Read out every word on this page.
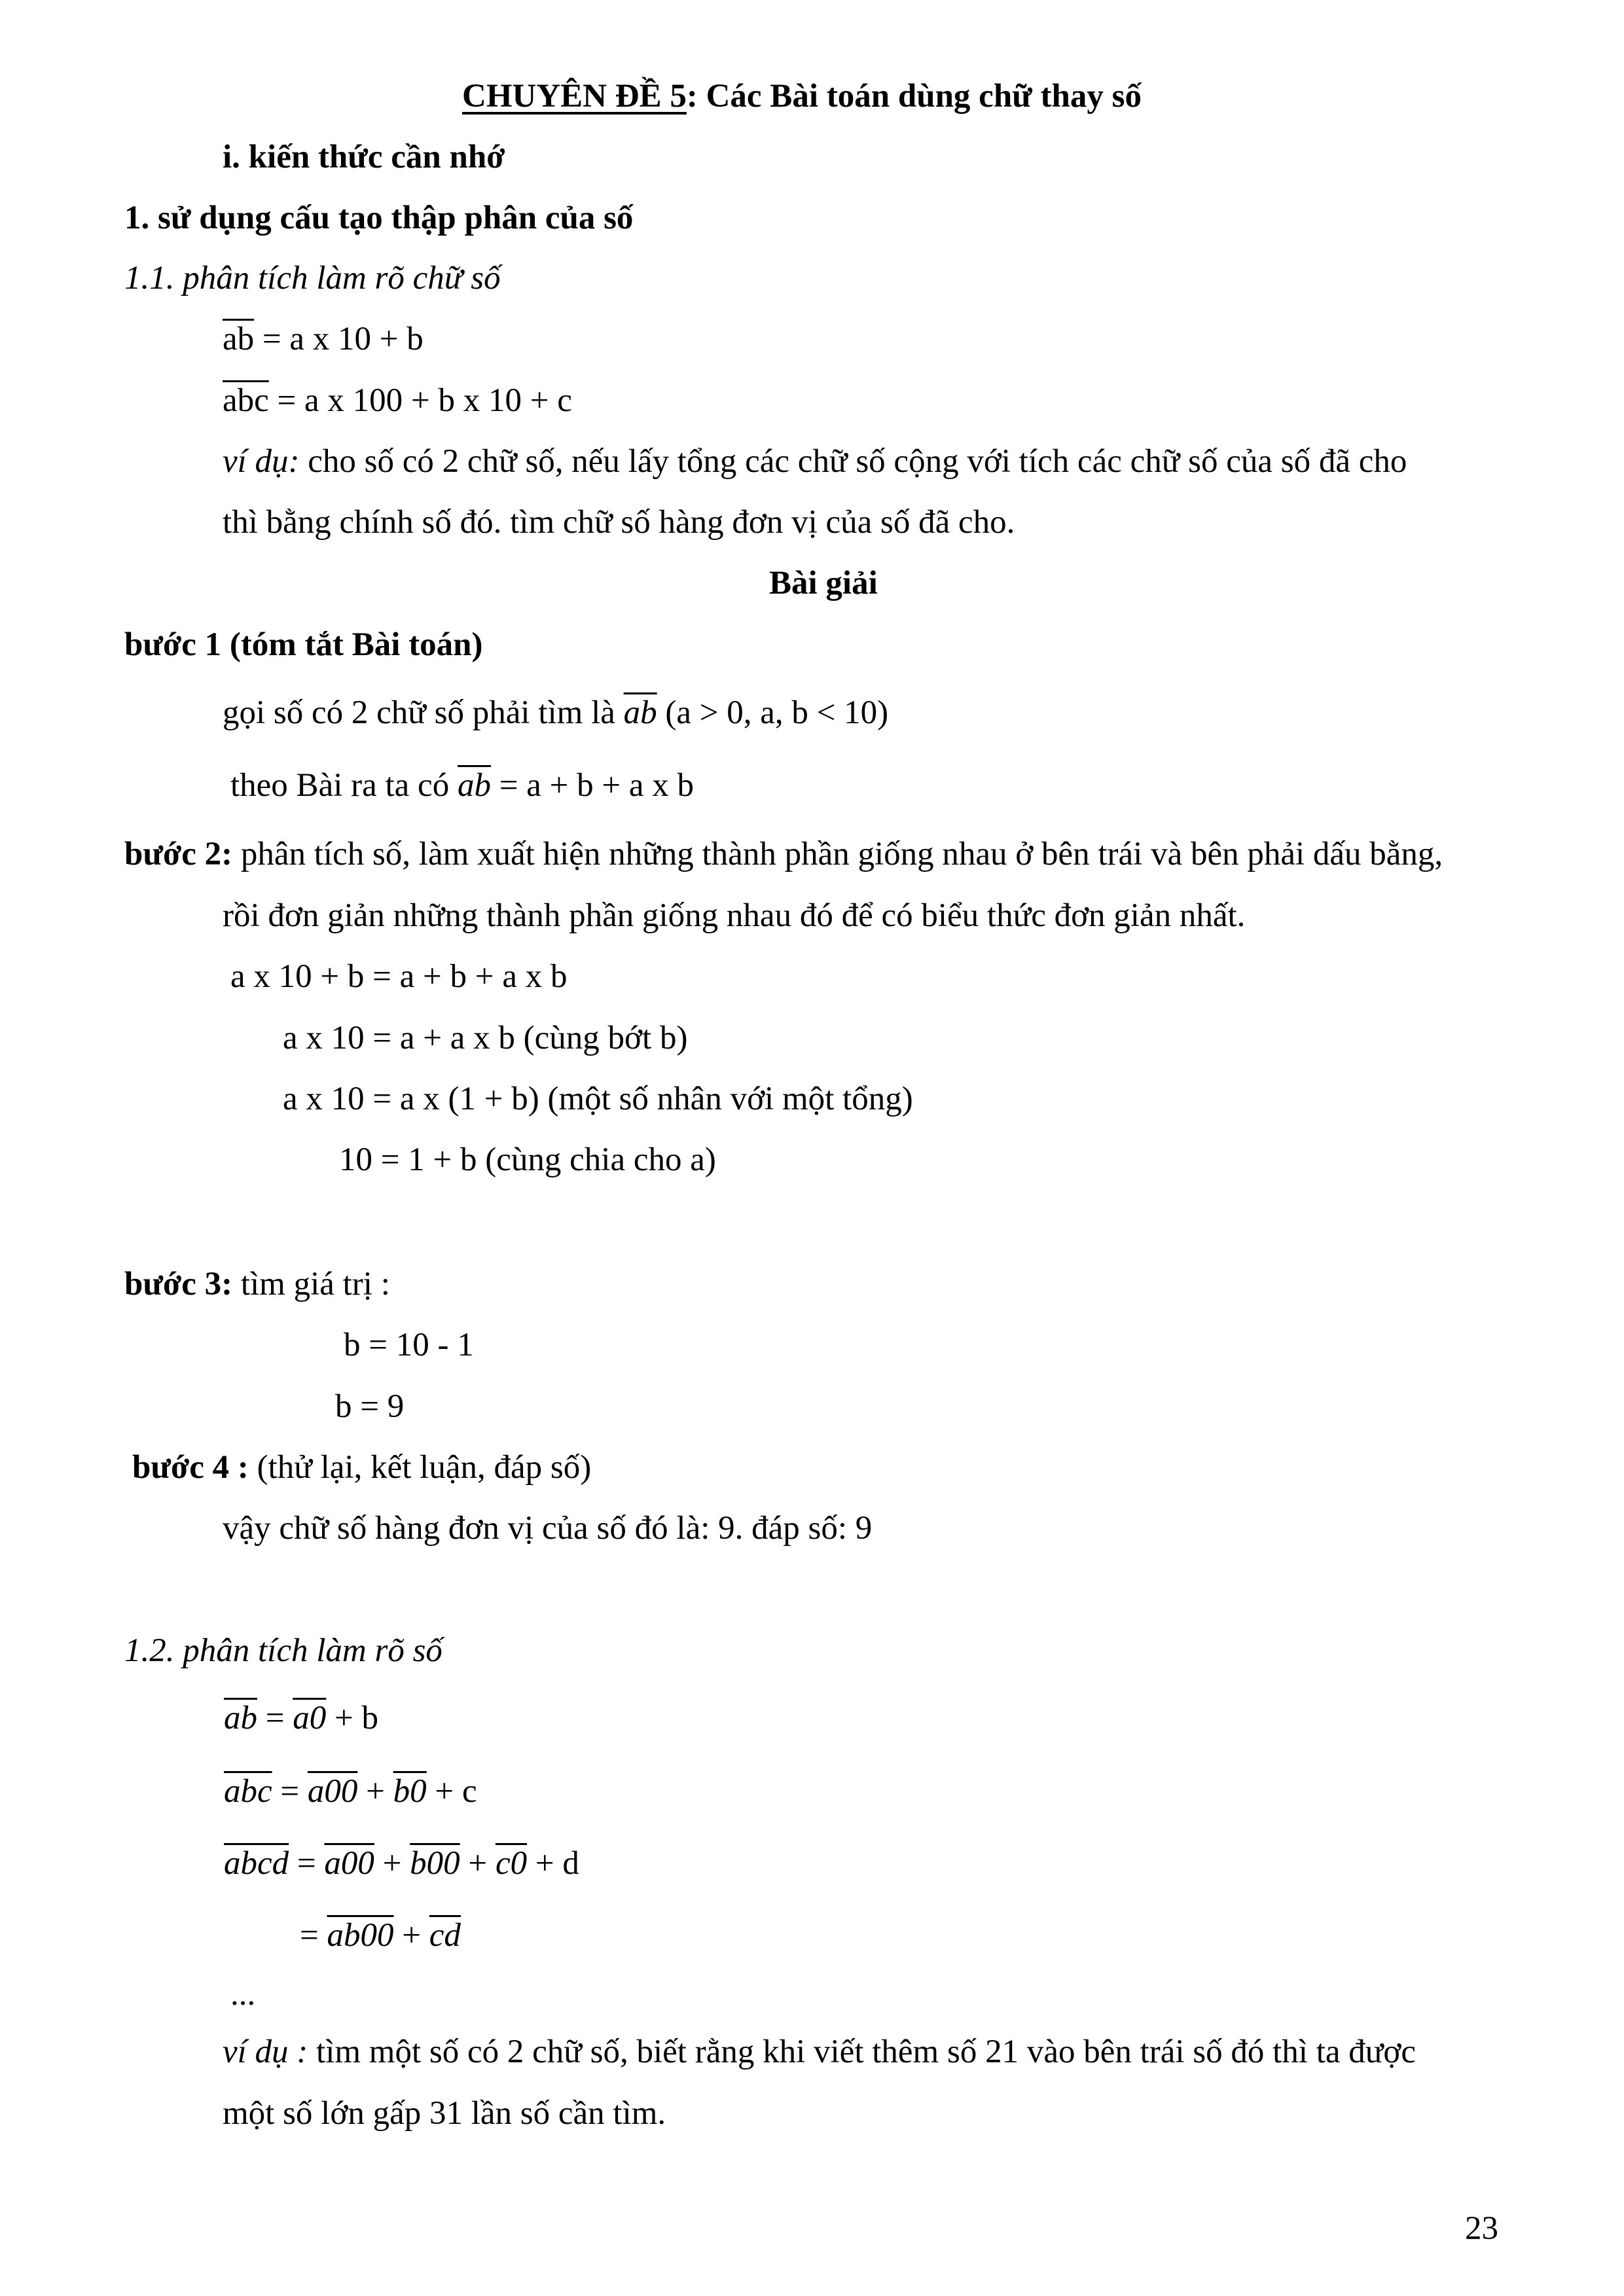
CHUYÊN ĐỀ 5: Các Bài toán dùng chữ thay số
i. kiến thức cần nhớ
1. sử dụng cấu tạo thập phân của số
1.1. phân tích làm rõ chữ số
$\overline{ab} = a$ x 10 + b
$\overline{abc} = a$ x 100 + b x 10 + c
ví dụ: cho số có 2 chữ số, nếu lấy tổng các chữ số cộng với tích các chữ số của số đã cho
thì bằng chính số đó. tìm chữ số hàng đơn vị của số đã cho.
Bài giải
bước 1 (tóm tắt Bài toán)
gọi số có 2 chữ số phải tìm là $\overline{ab}$ (a > 0, a, b < 10)
theo Bài ra ta có $\overline{ab} = a + b + a$ x b
bước 2: phân tích số, làm xuất hiện những thành phần giống nhau ở bên trái và bên phải dấu bằng,
rồi đơn giản những thành phần giống nhau đó để có biểu thức đơn giản nhất.
a x 10 + b = a + b + a x b
a x 10 = a + a x b (cùng bớt b)
a x 10 = a x (1 + b) (một số nhân với một tổng)
10 = 1 + b (cùng chia cho a)
bước 3: tìm giá trị :
b = 10 - 1
b = 9
bước 4 : (thử lại, kết luận, đáp số)
vậy chữ số hàng đơn vị của số đó là: 9. đáp số: 9
1.2. phân tích làm rõ số
$\overline{ab} = a0 + b$
$\overline{abc} = a00 + b0 + c$
abcd = a00 + b00 + c0 + d
= $ab00 + \overline{cd}$
...
ví dụ : tìm một số có 2 chữ số, biết rằng khi viết thêm số 21 vào bên trái số đó thì ta được
một số lớn gấp 31 lần số cần tìm.
23
